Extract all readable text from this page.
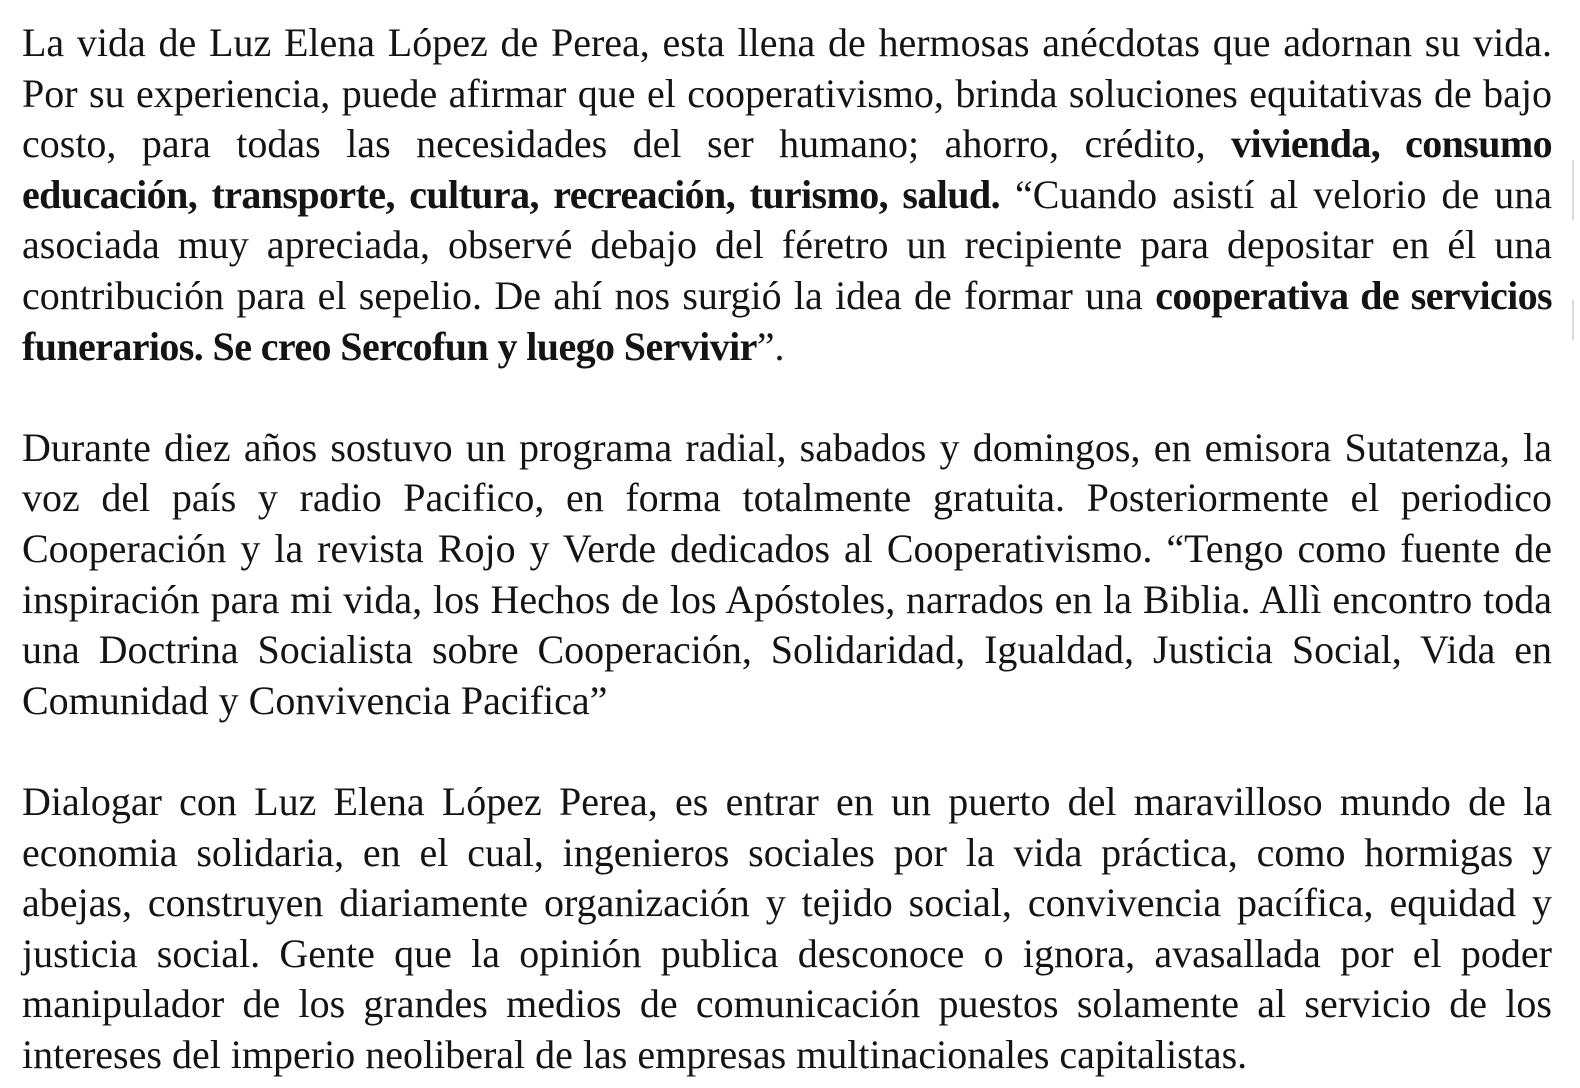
La vida de Luz Elena López de Perea, esta llena de hermosas anécdotas que adornan su vida. Por su experiencia, puede afirmar que el cooperativismo, brinda soluciones equitativas de bajo costo, para todas las necesidades del ser humano; ahorro, crédito, vivienda, consumo educación, transporte, cultura, recreación, turismo, salud. “Cuando asistí al velorio de una asociada muy apreciada, observé debajo del féretro un recipiente para depositar en él una contribución para el sepelio. De ahí nos surgió la idea de formar una cooperativa de servicios funerarios. Se creo Sercofun y luego Servivir”.

Durante diez años sostuvo un programa radial, sabados y domingos, en emisora Sutatenza, la voz del país y radio Pacifico, en forma totalmente gratuita. Posteriormente el periodico Cooperación y la revista Rojo y Verde dedicados al Cooperativismo. “Tengo como fuente de inspiración para mi vida, los Hechos de los Apóstoles, narrados en la Biblia. Allì encontro toda una Doctrina Socialista sobre Cooperación, Solidaridad, Igualdad, Justicia Social, Vida en Comunidad y Convivencia Pacifica”

Dialogar con Luz Elena López Perea, es entrar en un puerto del maravilloso mundo de la economia solidaria, en el cual, ingenieros sociales por la vida práctica, como hormigas y abejas, construyen diariamente organización y tejido social, convivencia pacífica, equidad y justicia social. Gente que la opinión publica desconoce o ignora, avasallada por el poder manipulador de los grandes medios de comunicación puestos solamente al servicio de los intereses del imperio neoliberal de las empresas multinacionales capitalistas.
